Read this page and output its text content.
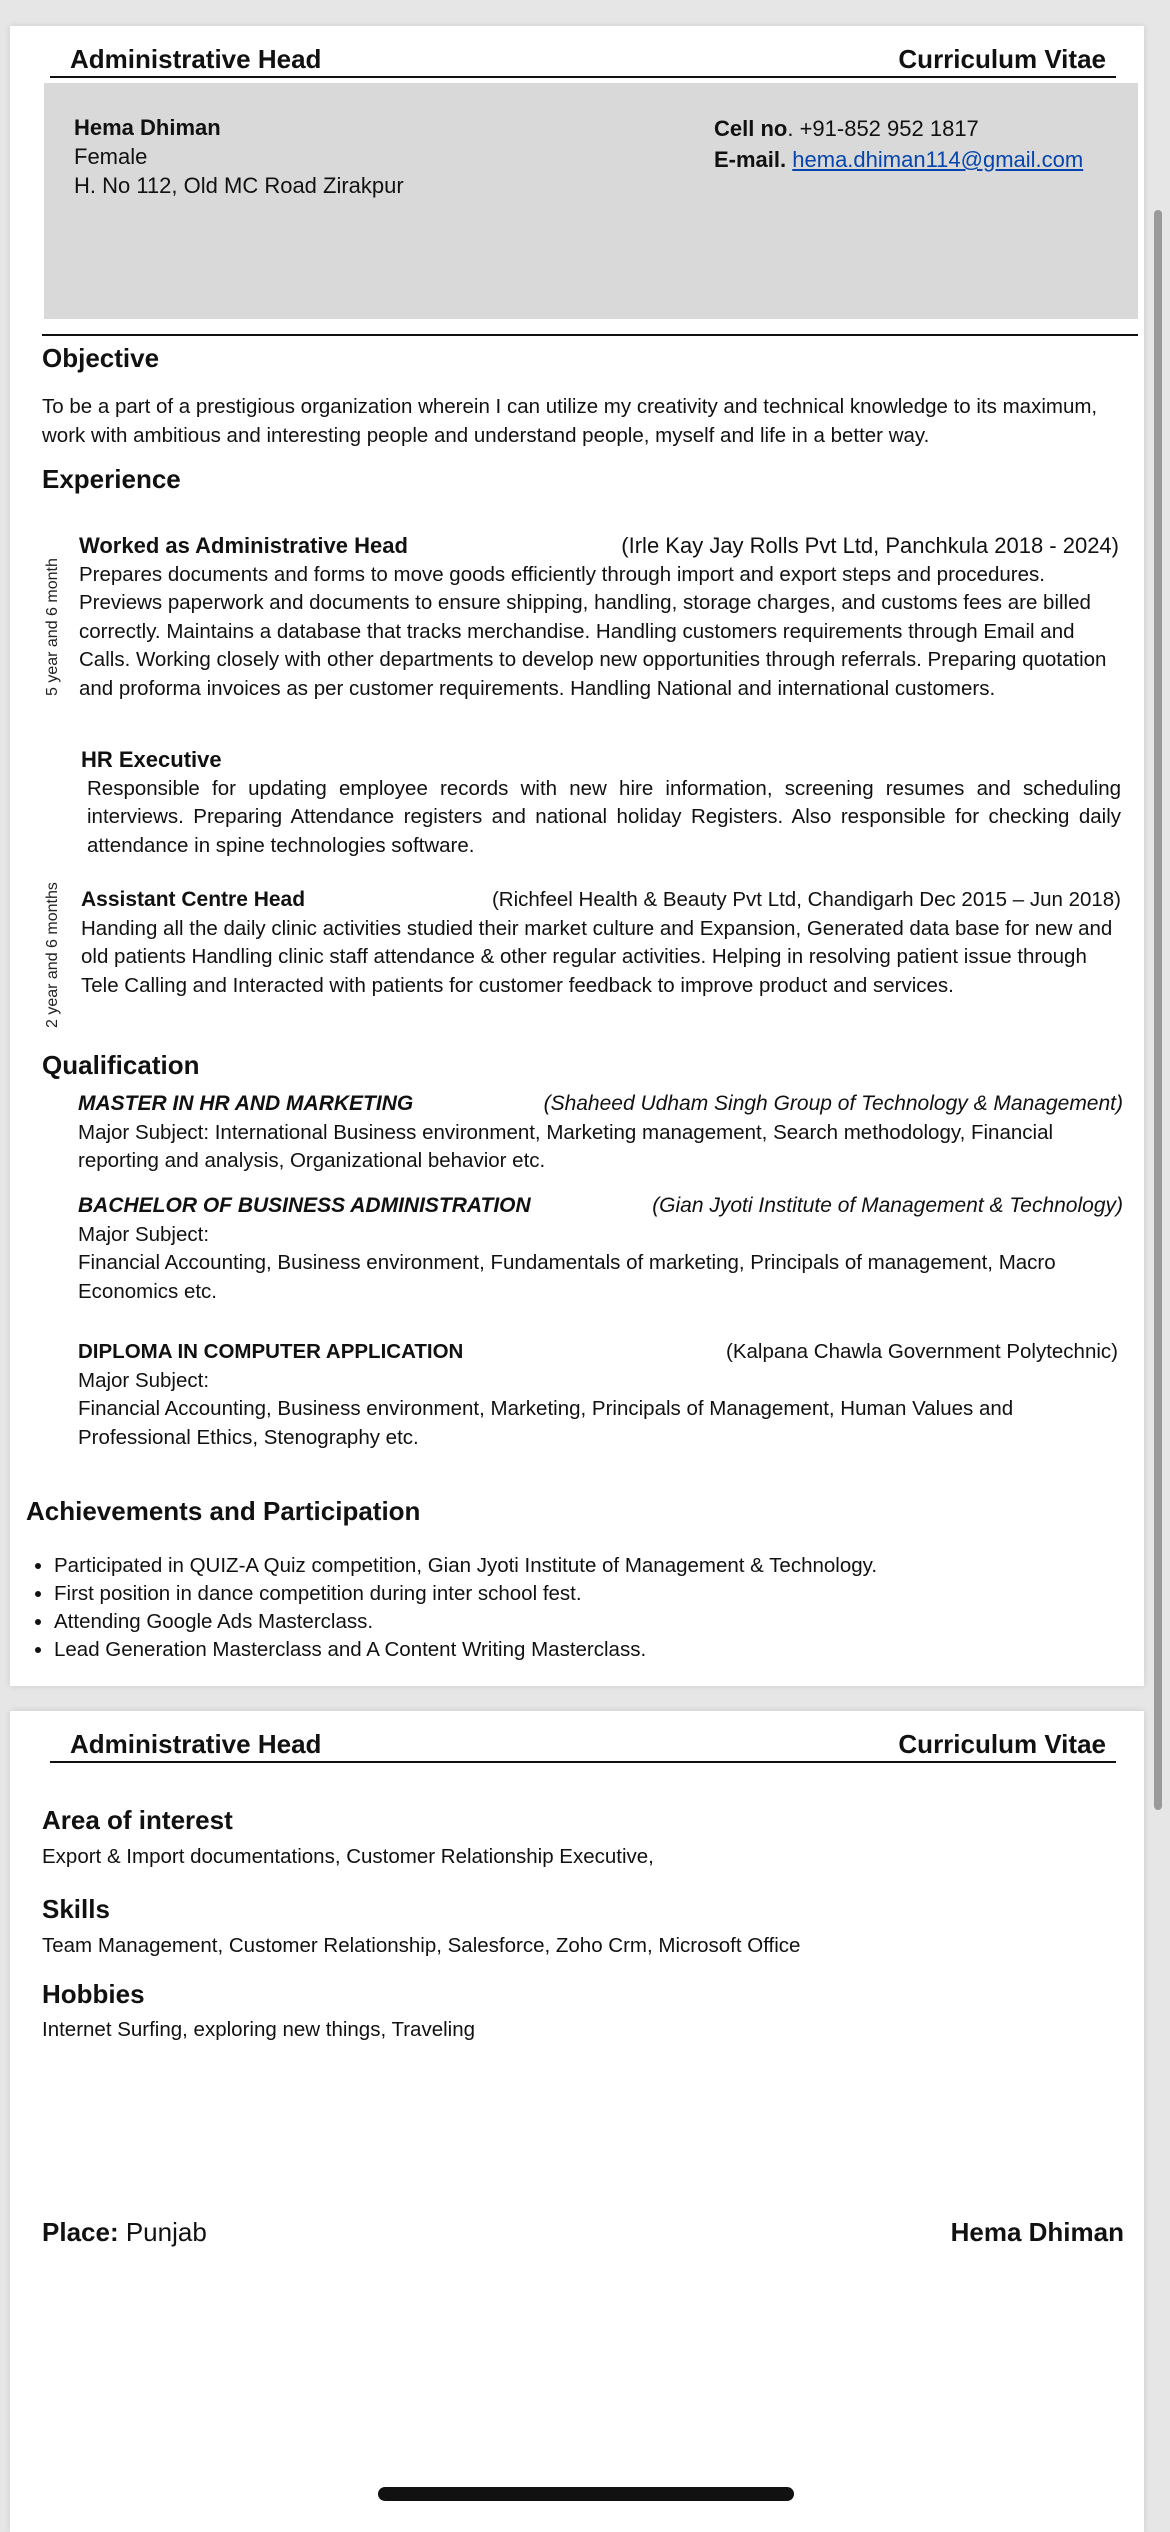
Administrative Head	Curriculum Vitae
Hema Dhiman
Female
H. No 112, Old MC Road Zirakpur
Cell no. +91-852 952 1817
E-mail. hema.dhiman114@gmail.com
Objective
To be a part of a prestigious organization wherein I can utilize my creativity and technical knowledge to its maximum, work with ambitious and interesting people and understand people, myself and life in a better way.
Experience
5 year and 6 month
Worked as Administrative Head	(Irle Kay Jay Rolls Pvt Ltd, Panchkula 2018 - 2024)
Prepares documents and forms to move goods efficiently through import and export steps and procedures. Previews paperwork and documents to ensure shipping, handling, storage charges, and customs fees are billed correctly. Maintains a database that tracks merchandise. Handling customers requirements through Email and Calls. Working closely with other departments to develop new opportunities through referrals. Preparing quotation and proforma invoices as per customer requirements. Handling National and international customers.
HR Executive
Responsible for updating employee records with new hire information, screening resumes and scheduling interviews. Preparing Attendance registers and national holiday Registers. Also responsible for checking daily attendance in spine technologies software.
2 year and 6 months Assistant Centre Head	(Richfeel Health & Beauty Pvt Ltd, Chandigarh Dec 2015 – Jun 2018)
Handing all the daily clinic activities studied their market culture and Expansion, Generated data base for new and old patients Handling clinic staff attendance & other regular activities. Helping in resolving patient issue through Tele Calling and Interacted with patients for customer feedback to improve product and services.
Qualification
MASTER IN HR AND MARKETING	(Shaheed Udham Singh Group of Technology & Management)
Major Subject: International Business environment, Marketing management, Search methodology, Financial reporting and analysis, Organizational behavior etc.
BACHELOR OF BUSINESS ADMINISTRATION	(Gian Jyoti Institute of Management & Technology)
Major Subject:
Financial Accounting, Business environment, Fundamentals of marketing, Principals of management, Macro Economics etc.
DIPLOMA IN COMPUTER APPLICATION	(Kalpana Chawla Government Polytechnic)
Major Subject:
Financial Accounting, Business environment, Marketing, Principals of Management, Human Values and Professional Ethics, Stenography etc.
Achievements and Participation
• Participated in QUIZ-A Quiz competition, Gian Jyoti Institute of Management & Technology.
• First position in dance competition during inter school fest.
• Attending Google Ads Masterclass.
• Lead Generation Masterclass and A Content Writing Masterclass.
Administrative Head	Curriculum Vitae
Area of interest
Export & Import documentations, Customer Relationship Executive,
Skills
Team Management, Customer Relationship, Salesforce, Zoho Crm, Microsoft Office
Hobbies
Internet Surfing, exploring new things, Traveling
Place: Punjab	Hema Dhiman
